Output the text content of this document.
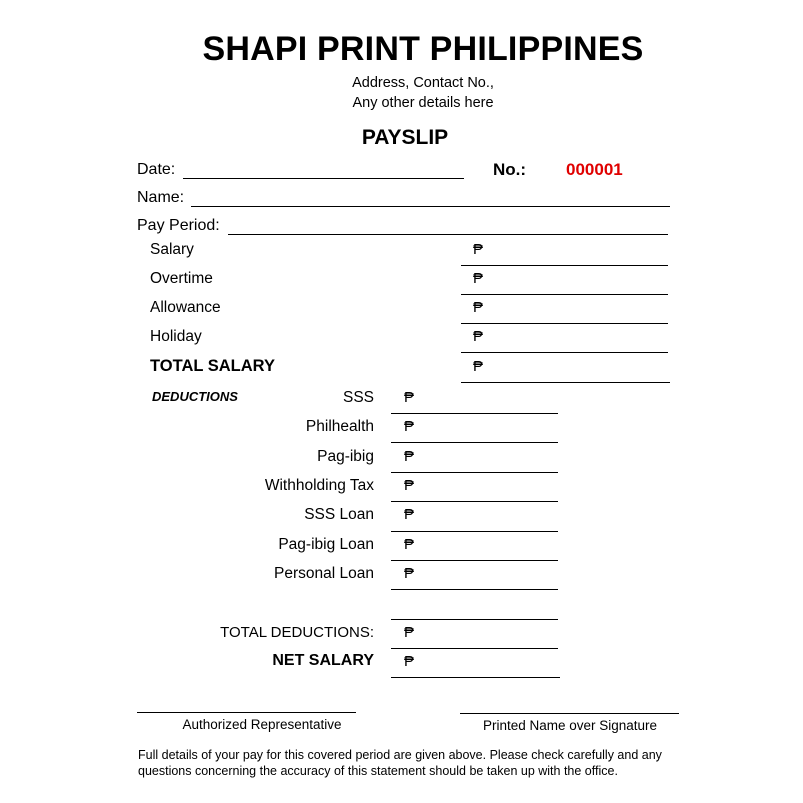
SHAPI PRINT PHILIPPINES
Address, Contact No.,
Any other details here
PAYSLIP
Date:	No.: 000001
Name:
Pay Period:
Salary	₱
Overtime	₱
Allowance	₱
Holiday	₱
TOTAL SALARY	₱
DEDUCTIONS	SSS ₱
Philhealth ₱
Pag-ibig ₱
Withholding Tax ₱
SSS Loan ₱
Pag-ibig Loan ₱
Personal Loan ₱
TOTAL DEDUCTIONS: ₱
NET SALARY ₱
Authorized Representative	Printed Name over Signature
Full details of your pay for this covered period are given above. Please check carefully and any
questions concerning the accuracy of this statement should be taken up with the office.
